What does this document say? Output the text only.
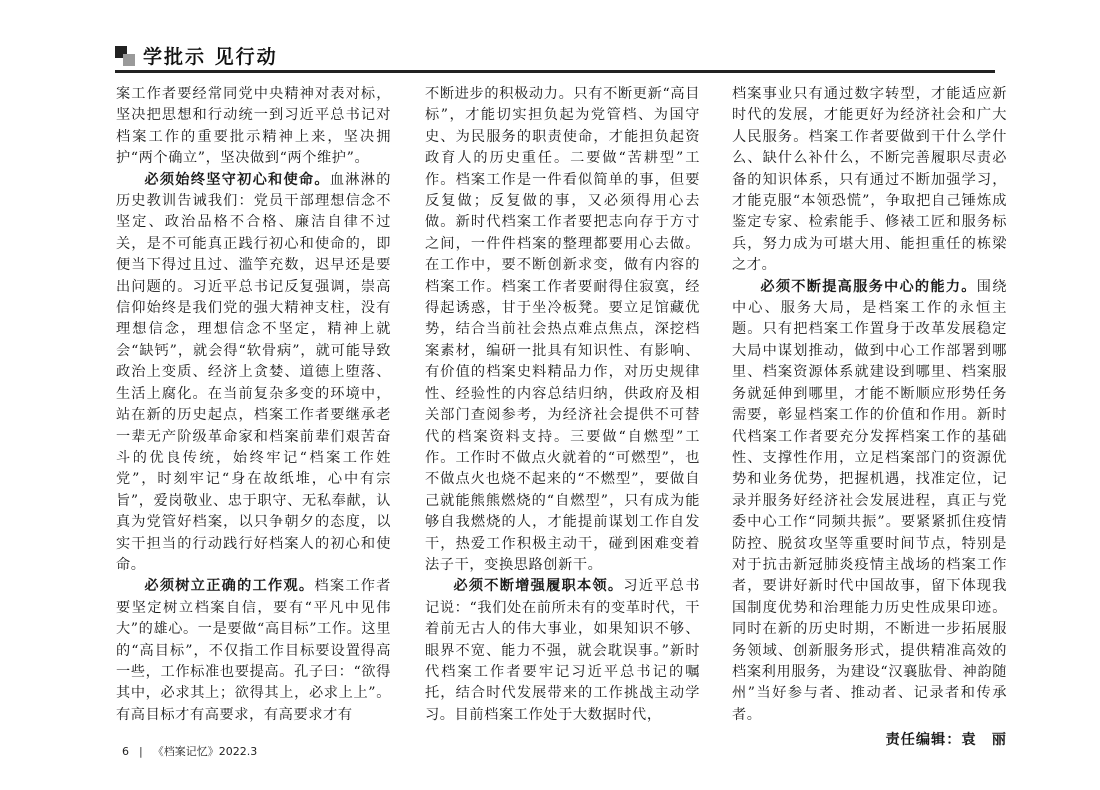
学批示 见行动

案工作者要经常同党中央精神对表对标，坚决把思想和行动统一到习近平总书记对档案工作的重要批示精神上来，坚决拥护“两个确立”，坚决做到“两个维护”。

必须始终坚守初心和使命。血淋淋的历史教训告诫我们：党员干部理想信念不坚定、政治品格不合格、廉洁自律不过关，是不可能真正践行初心和使命的，即便当下得过且过、滥竽充数，迟早还是要出问题的。习近平总书记反复强调，崇高信仰始终是我们党的强大精神支柱，没有理想信念，理想信念不坚定，精神上就会“缺钙”，就会得“软骨病”，就可能导致政治上变质、经济上贪婪、道德上堕落、生活上腐化。在当前复杂多变的环境中，站在新的历史起点，档案工作者要继承老一辈无产阶级革命家和档案前辈们艰苦奋斗的优良传统，始终牢记“档案工作姓党”，时刻牢记“身在故纸堆，心中有宗旨”，爱岗敬业、忠于职守、无私奉献，认真为党管好档案，以只争朝夕的态度，以实干担当的行动践行好档案人的初心和使命。

必须树立正确的工作观。档案工作者要坚定树立档案自信，要有“平凡中见伟大”的雄心。一是要做“高目标”工作。这里的“高目标”，不仅指工作目标要设置得高一些，工作标准也要提高。孔子曰：“欲得其中，必求其上；欲得其上，必求上上”。有高目标才有高要求，有高要求才有

不断进步的积极动力。只有不断更新“高目标”，才能切实担负起为党管档、为国守史、为民服务的职责使命，才能担负起资政育人的历史重任。二要做“苦耕型”工作。档案工作是一件看似简单的事，但要反复做；反复做的事，又必须得用心去做。新时代档案工作者要把志向存于方寸之间，一件件档案的整理都要用心去做。在工作中，要不断创新求变，做有内容的档案工作。档案工作者要耐得住寂寞，经得起诱惑，甘于坐冷板凳。要立足馆藏优势，结合当前社会热点难点焦点，深挖档案素材，编研一批具有知识性、有影响、有价值的档案史料精品力作，对历史规律性、经验性的内容总结归纳，供政府及相关部门查阅参考，为经济社会提供不可替代的档案资料支持。三要做“自燃型”工作。工作时不做点火就着的“可燃型”，也不做点火也烧不起来的“不燃型”，要做自己就能熊熊燃烧的“自燃型”，只有成为能够自我燃烧的人，才能提前谋划工作自发干，热爱工作积极主动干，碰到困难变着法子干，变换思路创新干。

必须不断增强履职本领。习近平总书记说：“我们处在前所未有的变革时代，干着前无古人的伟大事业，如果知识不够、眼界不宽、能力不强，就会耽误事。”新时代档案工作者要牢记习近平总书记的嘱托，结合时代发展带来的工作挑战主动学习。目前档案工作处于大数据时代，

档案事业只有通过数字转型，才能适应新时代的发展，才能更好为经济社会和广大人民服务。档案工作者要做到干什么学什么、缺什么补什么，不断完善履职尽责必备的知识体系，只有通过不断加强学习，才能克服“本领恐慌”，争取把自己锤炼成鉴定专家、检索能手、修裱工匠和服务标兵，努力成为可堪大用、能担重任的栋梁之才。

必须不断提高服务中心的能力。围绕中心、服务大局，是档案工作的永恒主题。只有把档案工作置身于改革发展稳定大局中谋划推动，做到中心工作部署到哪里、档案资源体系就建设到哪里、档案服务就延伸到哪里，才能不断顺应形势任务需要，彰显档案工作的价值和作用。新时代档案工作者要充分发挥档案工作的基础性、支撑性作用，立足档案部门的资源优势和业务优势，把握机遇，找准定位，记录并服务好经济社会发展进程，真正与党委中心工作“同频共振”。要紧紧抓住疫情防控、脱贫攻坚等重要时间节点，特别是对于抗击新冠肺炎疫情主战场的档案工作者，要讲好新时代中国故事，留下体现我国制度优势和治理能力历史性成果印迹。同时在新的历史时期，不断进一步拓展服务领域、创新服务形式，提供精准高效的档案利用服务，为建设“汉襄肱骨、神韵随州”当好参与者、推动者、记录者和传承者。

责任编辑：袁　丽
6 | 《档案记忆》2022.3
